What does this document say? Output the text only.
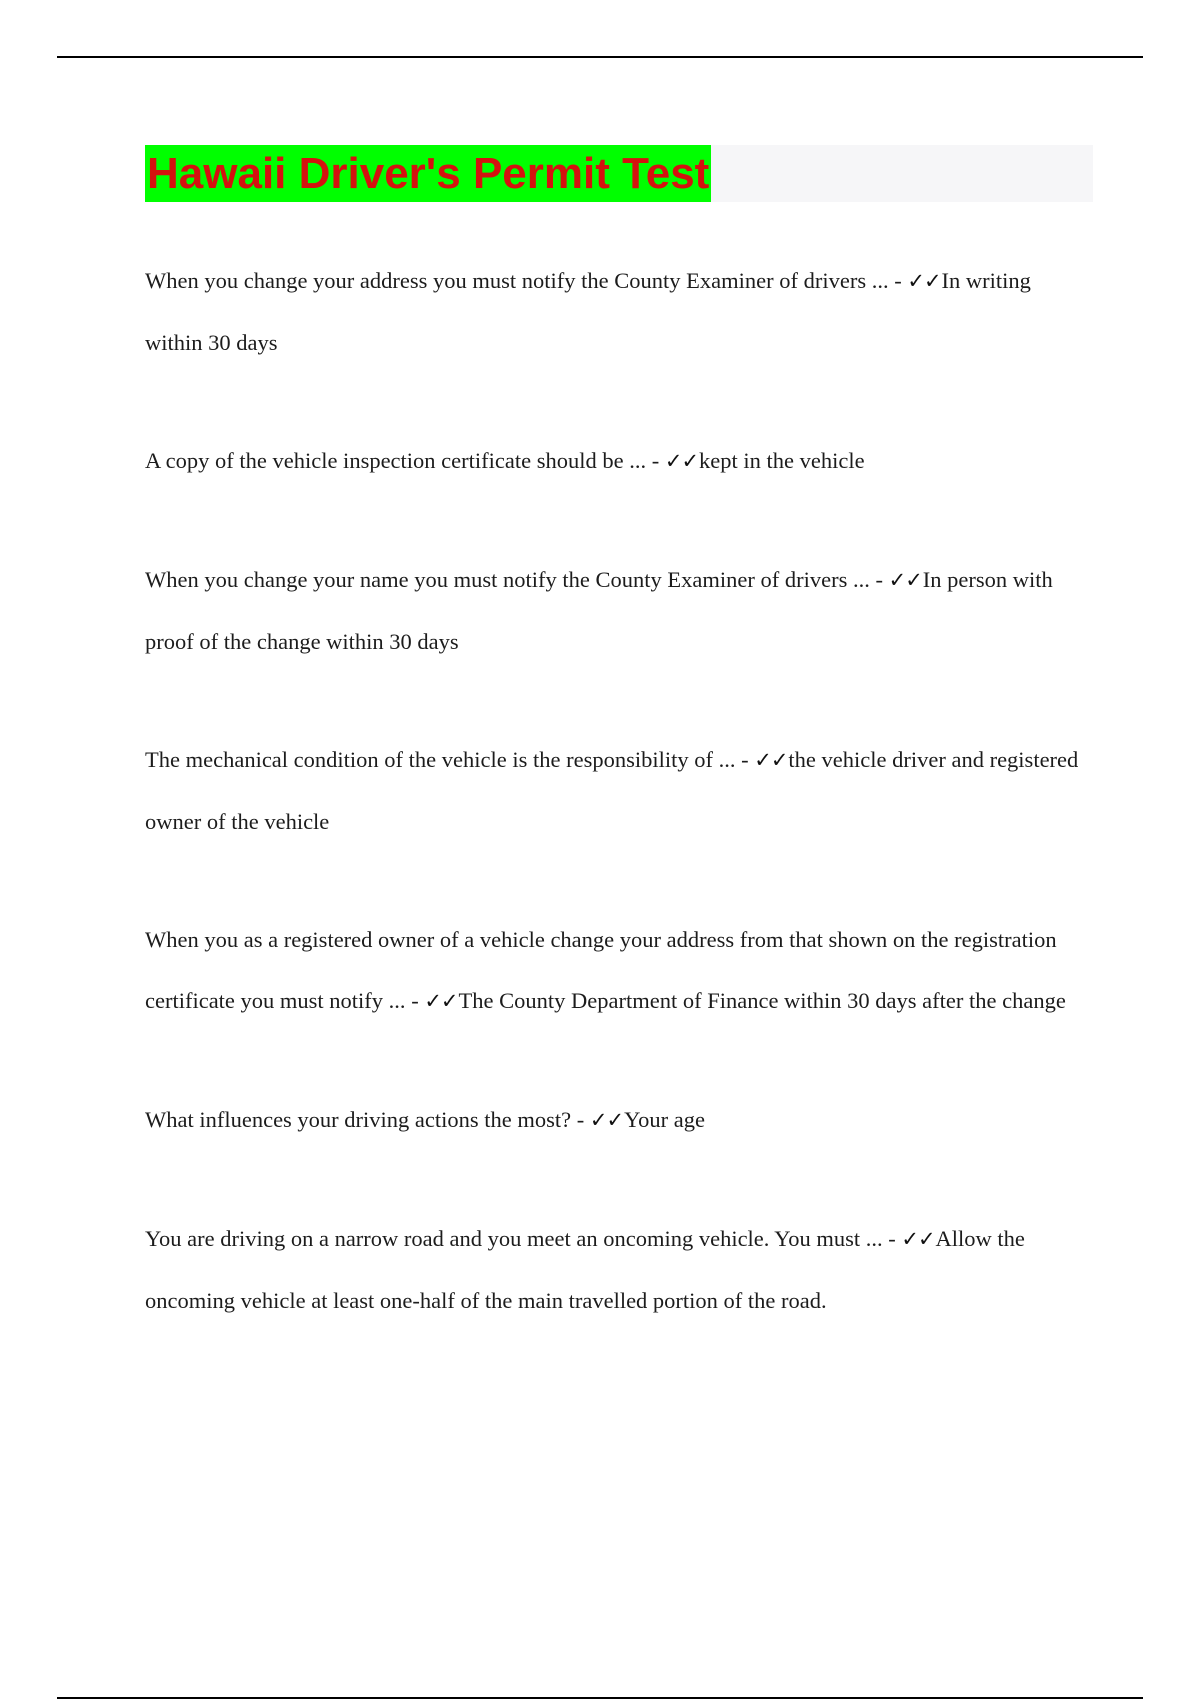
Hawaii Driver's Permit Test

When you change your address you must notify the County Examiner of drivers ... - ✓✓In writing within 30 days

A copy of the vehicle inspection certificate should be ... - ✓✓kept in the vehicle

When you change your name you must notify the County Examiner of drivers ... - ✓✓In person with proof of the change within 30 days

The mechanical condition of the vehicle is the responsibility of ... - ✓✓the vehicle driver and registered owner of the vehicle

When you as a registered owner of a vehicle change your address from that shown on the registration certificate you must notify ... - ✓✓The County Department of Finance within 30 days after the change

What influences your driving actions the most? - ✓✓Your age

You are driving on a narrow road and you meet an oncoming vehicle. You must ... - ✓✓Allow the oncoming vehicle at least one-half of the main travelled portion of the road.
